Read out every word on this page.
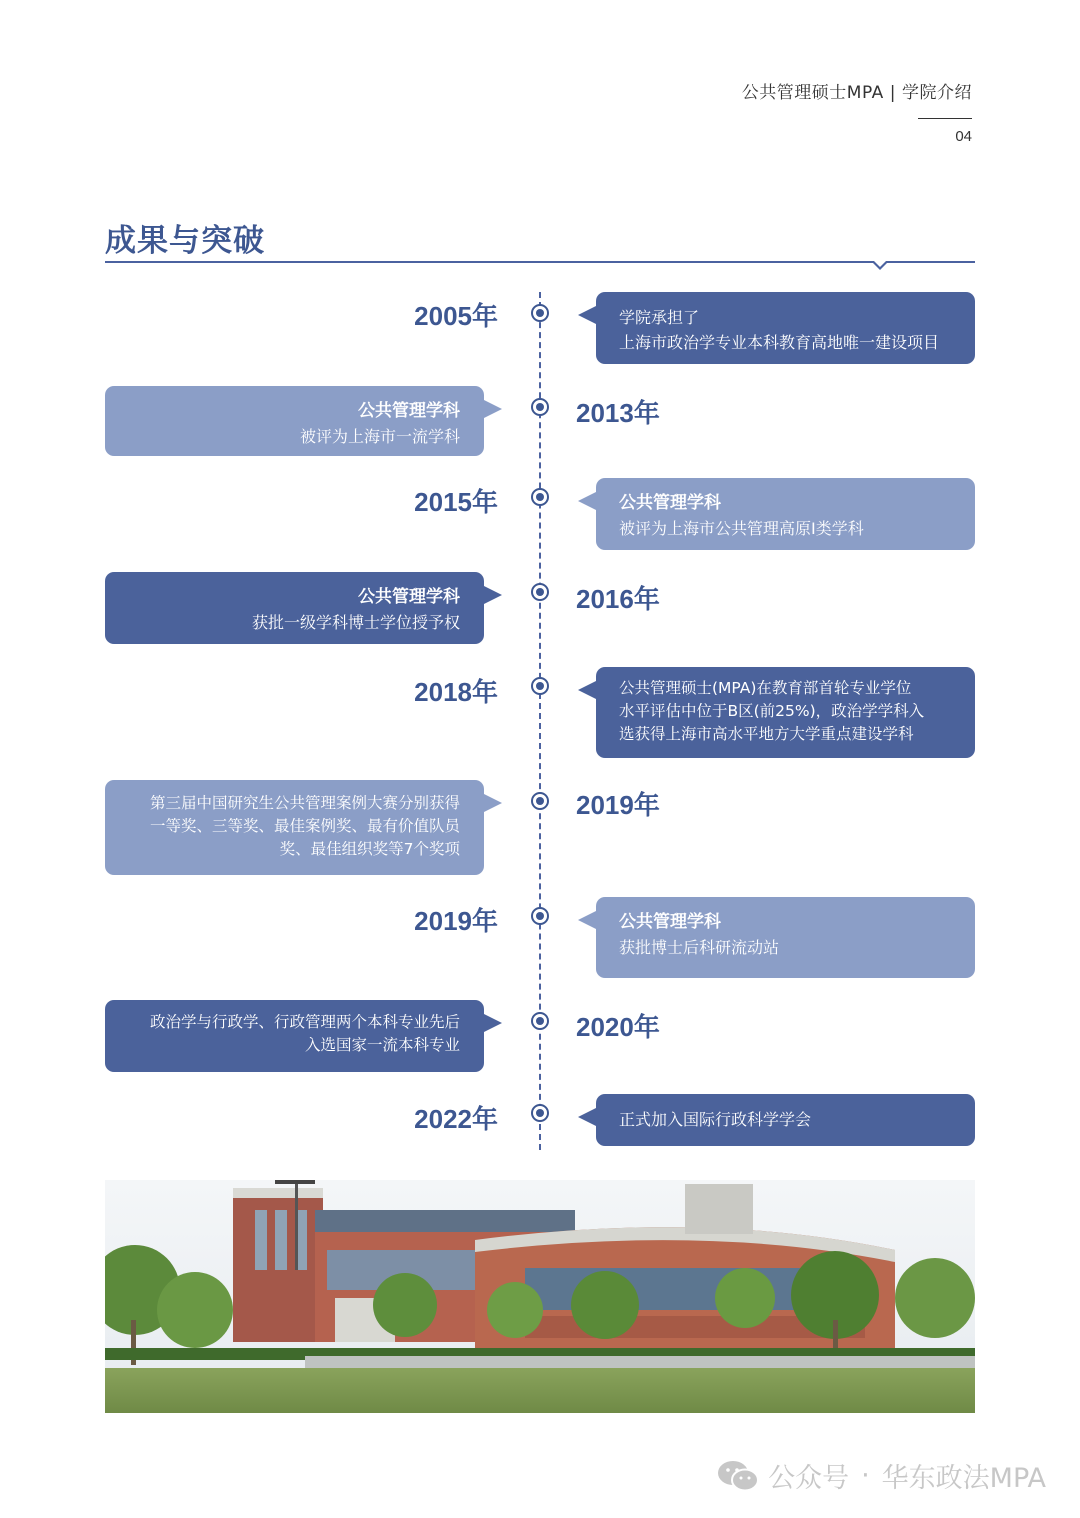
公共管理硕士MPA | 学院介绍
04
成果与突破
2005年	学院承担了
上海市政治学专业本科教育高地唯一建设项目
2013年
公共管理学科
被评为上海市一流学科
2015年	公共管理学科
被评为上海市公共管理高原Ⅰ类学科
2016年
公共管理学科
获批一级学科博士学位授予权
2018年	公共管理硕士(MPA)在教育部首轮专业学位
水平评估中位于B区(前25%)，政治学学科入
选获得上海市高水平地方大学重点建设学科
2019年
第三届中国研究生公共管理案例大赛分别获得
一等奖、三等奖、最佳案例奖、最有价值队员
奖、最佳组织奖等7个奖项
2019年	公共管理学科
获批博士后科研流动站
2020年
政治学与行政学、行政管理两个本科专业先后
入选国家一流本科专业
2022年	正式加入国际行政科学学会
公众号 · 华东政法MPA
